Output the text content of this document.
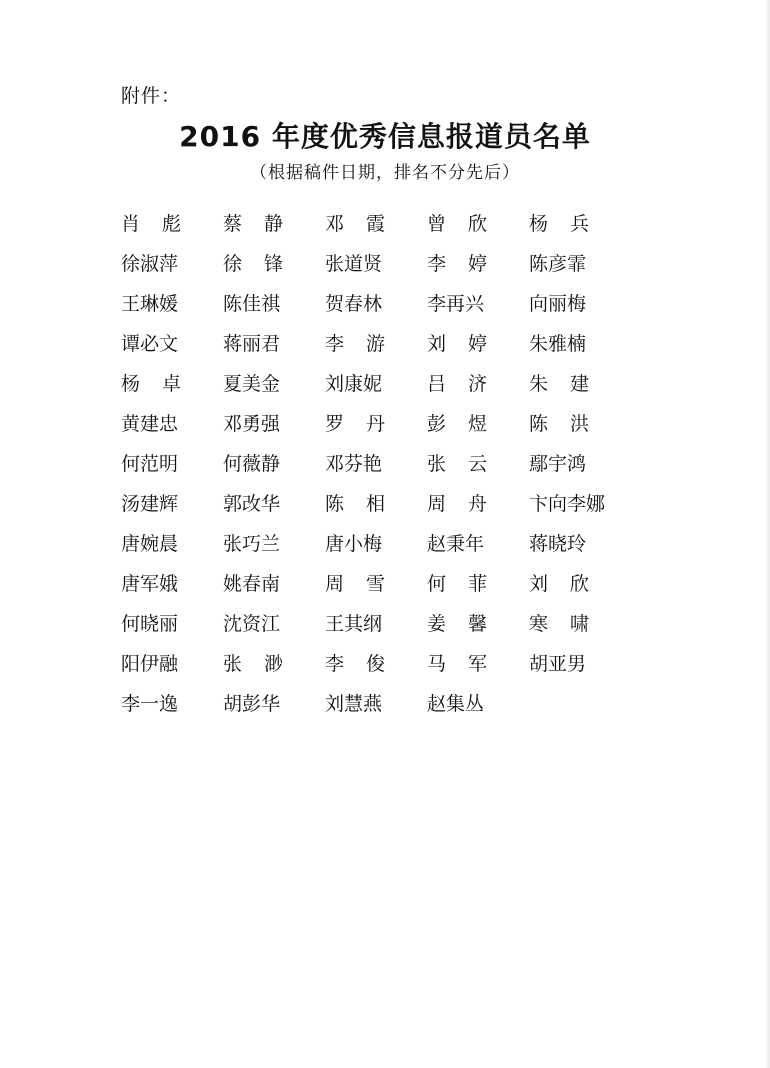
附件：
2016 年度优秀信息报道员名单
（根据稿件日期，排名不分先后）
肖彪	蔡静	邓霞	曾欣	杨兵
徐淑萍	徐锋	张道贤	李婷	陈彦霏
王琳媛	陈佳祺	贺春林	李再兴	向丽梅
谭必文	蒋丽君	李游	刘婷	朱雅楠
杨卓	夏美金	刘康妮	吕济	朱建
黄建忠	邓勇强	罗丹	彭煜	陈洪
何范明	何薇静	邓芬艳	张云	鄢宇鸿
汤建辉	郭改华	陈相	周舟	卞向李娜
唐婉晨	张巧兰	唐小梅	赵秉年	蒋晓玲
唐军娥	姚春南	周雪	何菲	刘欣
何晓丽	沈资江	王其纲	姜馨	寒啸
阳伊融	张渺	李俊	马军	胡亚男
李一逸	胡彭华	刘慧燕	赵集丛
